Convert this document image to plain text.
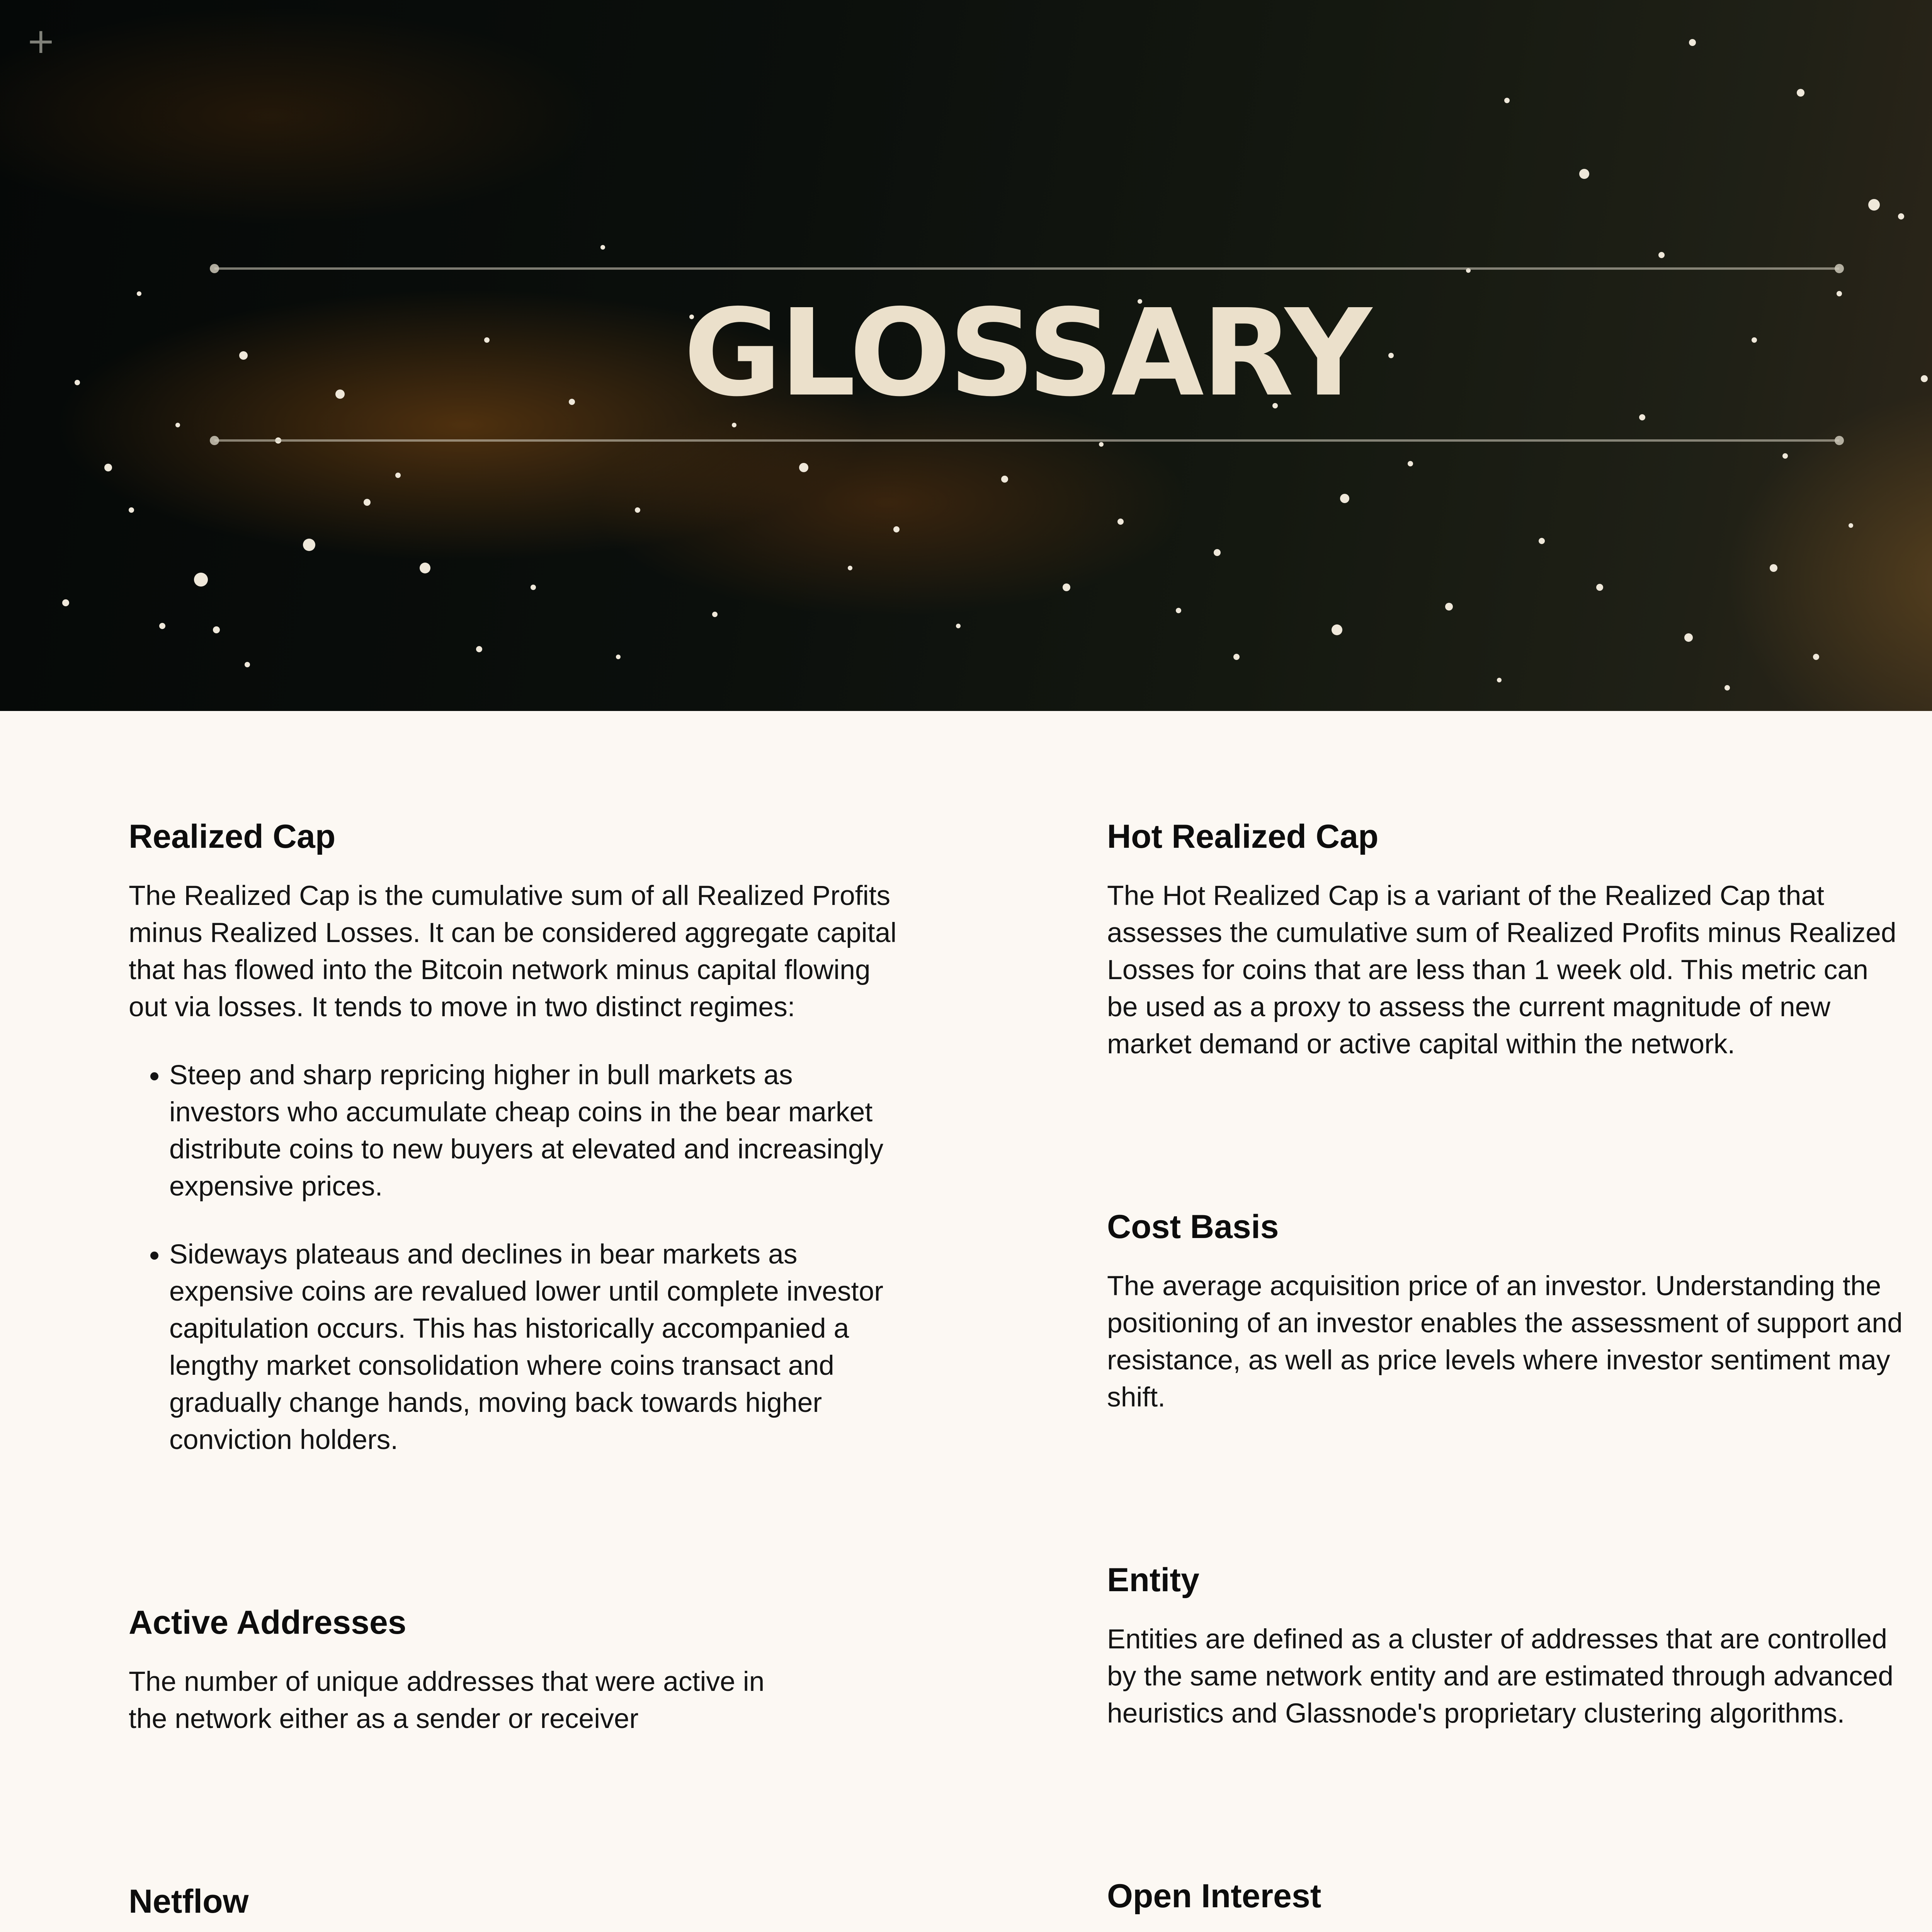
+
GLOSSARY
Realized Cap

The Realized Cap is the cumulative sum of all Realized Profits minus Realized Losses. It can be considered aggregate capital that has flowed into the Bitcoin network minus capital flowing out via losses. It tends to move in two distinct regimes:

• Steep and sharp repricing higher in bull markets as investors who accumulate cheap coins in the bear market distribute coins to new buyers at elevated and increasingly expensive prices.
• Sideways plateaus and declines in bear markets as expensive coins are revalued lower until complete investor capitulation occurs. This has historically accompanied a lengthy market consolidation where coins transact and gradually change hands, moving back towards higher conviction holders.
Active Addresses

The number of unique addresses that were active in the network either as a sender or receiver

Netflow

Hot Realized Cap

The Hot Realized Cap is a variant of the Realized Cap that assesses the cumulative sum of Realized Profits minus Realized Losses for coins that are less than 1 week old. This metric can be used as a proxy to assess the current magnitude of new market demand or active capital within the network.

Cost Basis

The average acquisition price of an investor. Understanding the positioning of an investor enables the assessment of support and resistance, as well as price levels where investor sentiment may shift.

Entity

Entities are defined as a cluster of addresses that are controlled by the same network entity and are estimated through advanced heuristics and Glassnode's proprietary clustering algorithms.

Open Interest
